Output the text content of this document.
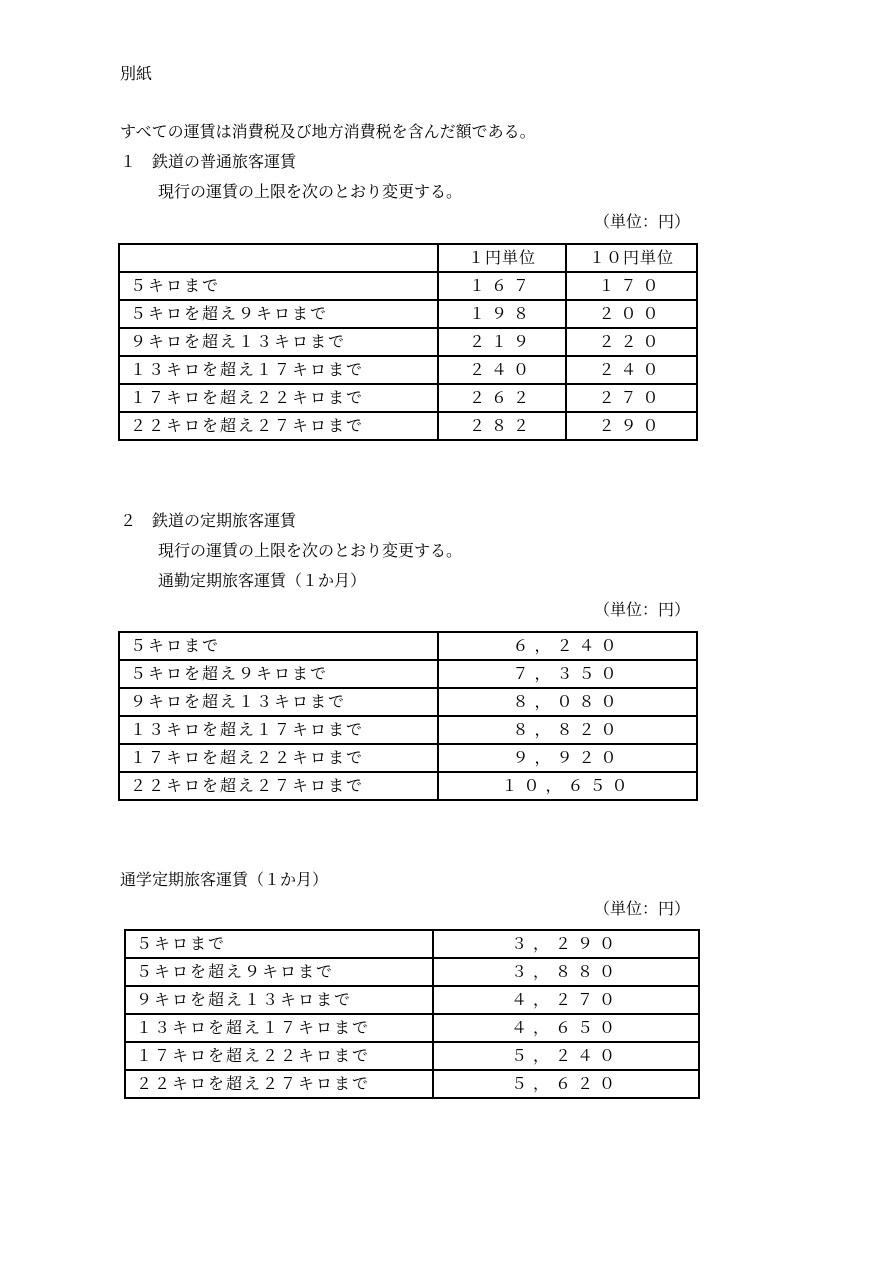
別紙
すべての運賃は消費税及び地方消費税を含んだ額である。
１　鉄道の普通旅客運賃
現行の運賃の上限を次のとおり変更する。
（単位：円）
	１円単位	１０円単位
５キロまで	１６７	１７０
５キロを超え９キロまで	１９８	２００
９キロを超え１３キロまで	２１９	２２０
１３キロを超え１７キロまで	２４０	２４０
１７キロを超え２２キロまで	２６２	２７０
２２キロを超え２７キロまで	２８２	２９０
２　鉄道の定期旅客運賃
現行の運賃の上限を次のとおり変更する。
通勤定期旅客運賃（１か月）
（単位：円）
５キロまで	６，２４０
５キロを超え９キロまで	７，３５０
９キロを超え１３キロまで	８，０８０
１３キロを超え１７キロまで	８，８２０
１７キロを超え２２キロまで	９，９２０
２２キロを超え２７キロまで	１０，６５０
通学定期旅客運賃（１か月）
（単位：円）
５キロまで	３，２９０
５キロを超え９キロまで	３，８８０
９キロを超え１３キロまで	４，２７０
１３キロを超え１７キロまで	４，６５０
１７キロを超え２２キロまで	５，２４０
２２キロを超え２７キロまで	５，６２０
